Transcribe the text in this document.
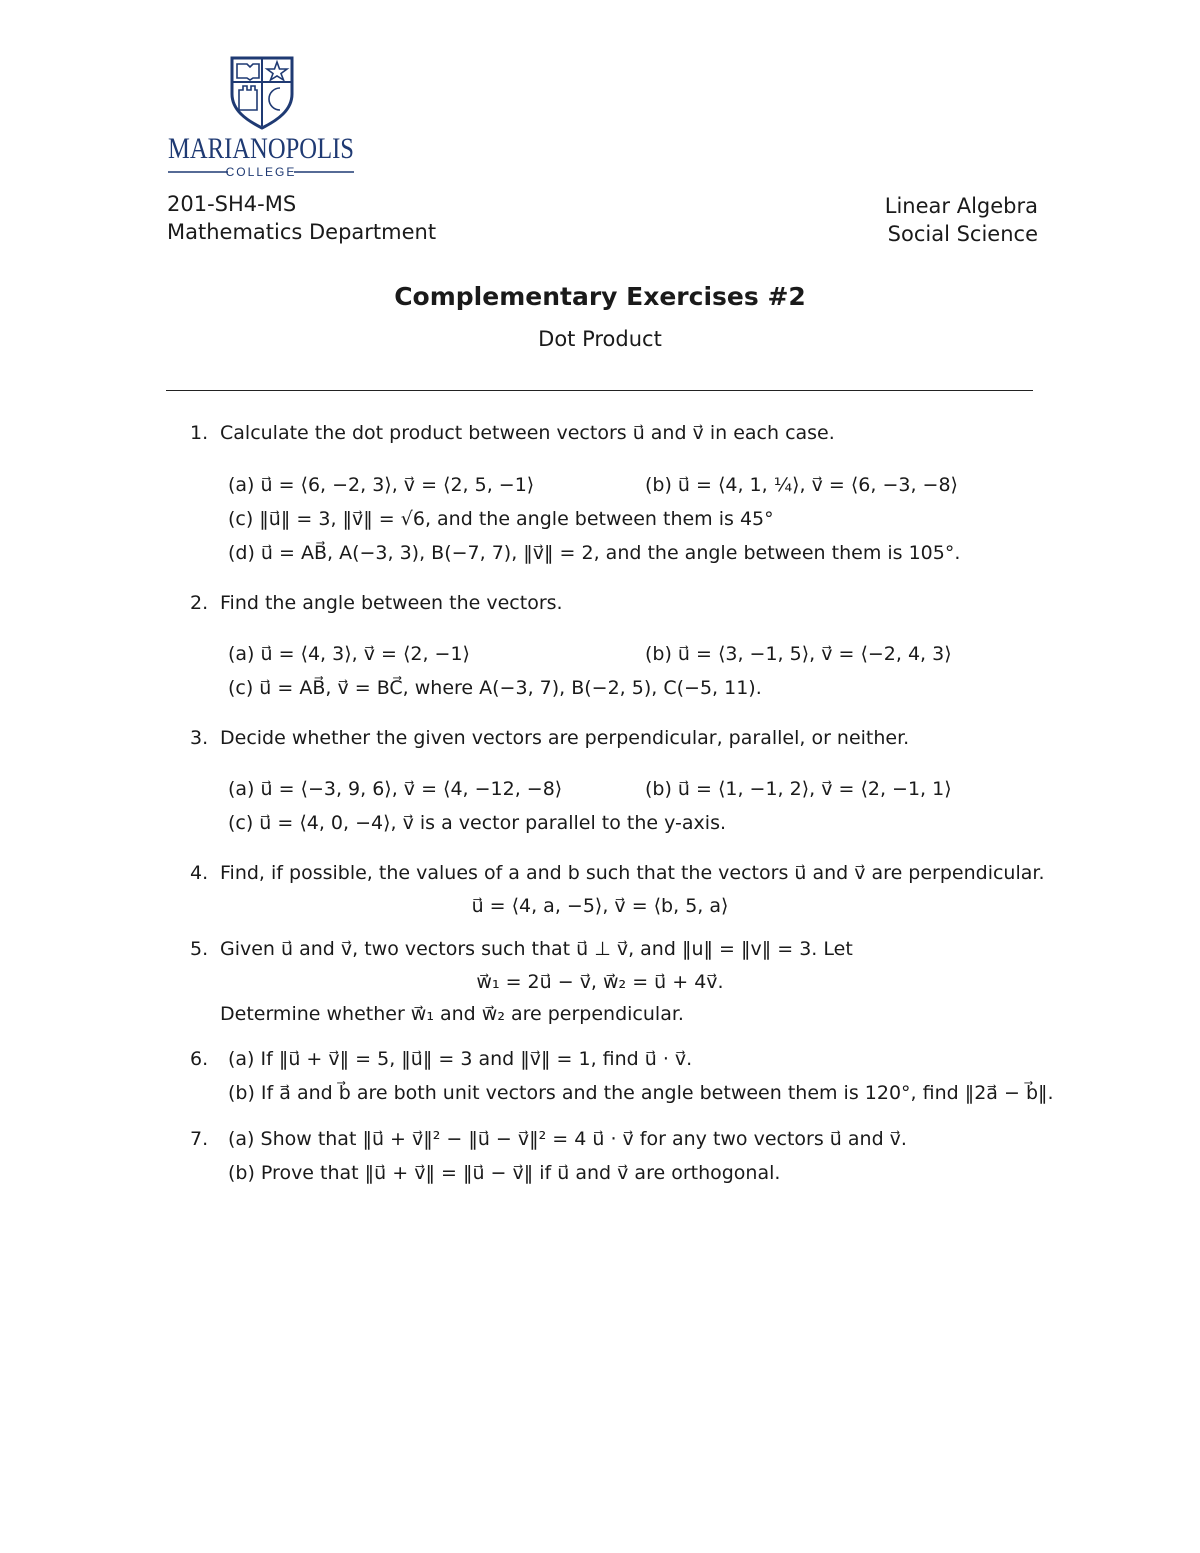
MARIANOPOLIS
COLLEGE
201-SH4-MS
Mathematics Department
Linear Algebra
Social Science
Complementary Exercises #2
Dot Product
1. Calculate the dot product between vectors u⃗ and v⃗ in each case.
(a) u⃗ = ⟨6, −2, 3⟩, v⃗ = ⟨2, 5, −1⟩	(b) u⃗ = ⟨4, 1, ¼⟩, v⃗ = ⟨6, −3, −8⟩
(c) ‖u⃗‖ = 3, ‖v⃗‖ = √6, and the angle between them is 45°
(d) u⃗ = AB⃗, A(−3, 3), B(−7, 7), ‖v⃗‖ = 2, and the angle between them is 105°.
2. Find the angle between the vectors.
(a) u⃗ = ⟨4, 3⟩, v⃗ = ⟨2, −1⟩	(b) u⃗ = ⟨3, −1, 5⟩, v⃗ = ⟨−2, 4, 3⟩
(c) u⃗ = AB⃗, v⃗ = BC⃗, where A(−3, 7), B(−2, 5), C(−5, 11).
3. Decide whether the given vectors are perpendicular, parallel, or neither.
(a) u⃗ = ⟨−3, 9, 6⟩, v⃗ = ⟨4, −12, −8⟩	(b) u⃗ = ⟨1, −1, 2⟩, v⃗ = ⟨2, −1, 1⟩
(c) u⃗ = ⟨4, 0, −4⟩, v⃗ is a vector parallel to the y-axis.
4. Find, if possible, the values of a and b such that the vectors u⃗ and v⃗ are perpendicular.
u⃗ = ⟨4, a, −5⟩, v⃗ = ⟨b, 5, a⟩
5. Given u⃗ and v⃗, two vectors such that u⃗ ⊥ v⃗, and ‖u‖ = ‖v‖ = 3. Let
w⃗₁ = 2u⃗ − v⃗, w⃗₂ = u⃗ + 4v⃗.
Determine whether w⃗₁ and w⃗₂ are perpendicular.
6. (a) If ‖u⃗ + v⃗‖ = 5, ‖u⃗‖ = 3 and ‖v⃗‖ = 1, find u⃗ · v⃗.
(b) If a⃗ and b⃗ are both unit vectors and the angle between them is 120°, find ‖2a⃗ − b⃗‖.
7. (a) Show that ‖u⃗ + v⃗‖² − ‖u⃗ − v⃗‖² = 4 u⃗ · v⃗ for any two vectors u⃗ and v⃗.
(b) Prove that ‖u⃗ + v⃗‖ = ‖u⃗ − v⃗‖ if u⃗ and v⃗ are orthogonal.
